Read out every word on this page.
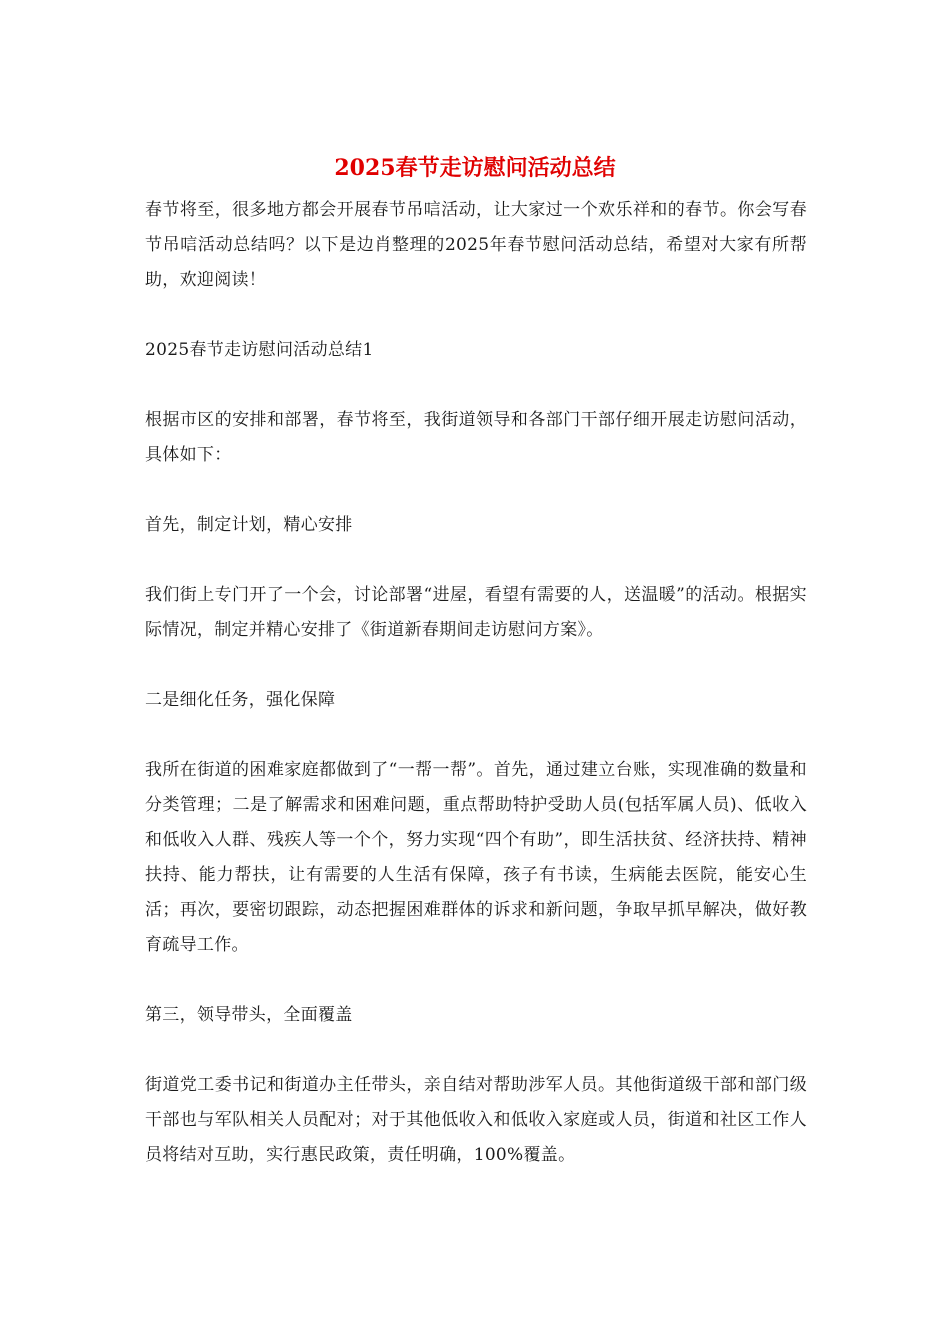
2025春节走访慰问活动总结

春节将至，很多地方都会开展春节吊唁活动，让大家过一个欢乐祥和的春节。你会写春节吊唁活动总结吗？以下是边肖整理的2025年春节慰问活动总结，希望对大家有所帮助，欢迎阅读！

2025春节走访慰问活动总结1

根据市区的安排和部署，春节将至，我街道领导和各部门干部仔细开展走访慰问活动，具体如下：

首先，制定计划，精心安排

我们街上专门开了一个会，讨论部署“进屋，看望有需要的人，送温暖”的活动。根据实际情况，制定并精心安排了《街道新春期间走访慰问方案》。

二是细化任务，强化保障

我所在街道的困难家庭都做到了“一帮一帮”。首先，通过建立台账，实现准确的数量和分类管理；二是了解需求和困难问题，重点帮助特护受助人员(包括军属人员)、低收入和低收入人群、残疾人等一个个，努力实现“四个有助”，即生活扶贫、经济扶持、精神扶持、能力帮扶，让有需要的人生活有保障，孩子有书读，生病能去医院，能安心生活；再次，要密切跟踪，动态把握困难群体的诉求和新问题，争取早抓早解决，做好教育疏导工作。

第三，领导带头，全面覆盖

街道党工委书记和街道办主任带头，亲自结对帮助涉军人员。其他街道级干部和部门级干部也与军队相关人员配对；对于其他低收入和低收入家庭或人员，街道和社区工作人员将结对互助，实行惠民政策，责任明确，100%覆盖。
